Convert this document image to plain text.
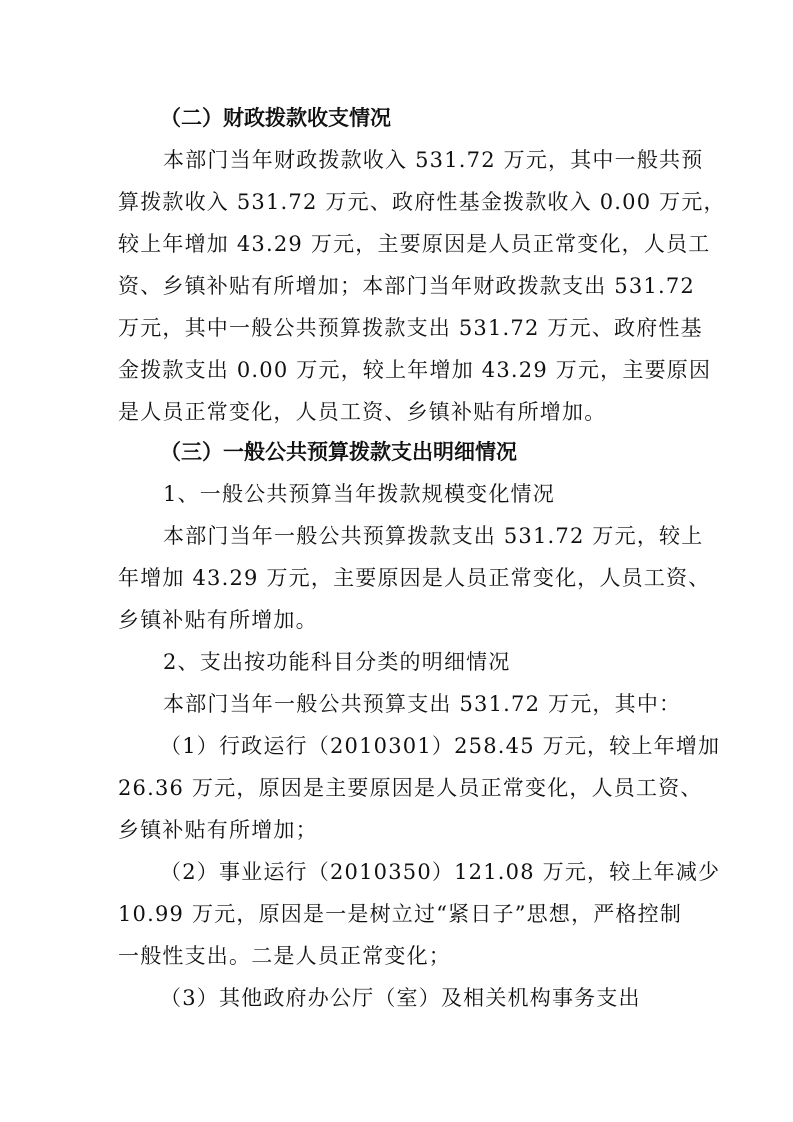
（二）财政拨款收支情况
本部门当年财政拨款收入 531.72 万元，其中一般共预
算拨款收入 531.72 万元、政府性基金拨款收入 0.00 万元，
较上年增加 43.29 万元，主要原因是人员正常变化，人员工
资、乡镇补贴有所增加；本部门当年财政拨款支出 531.72
万元，其中一般公共预算拨款支出 531.72 万元、政府性基
金拨款支出 0.00 万元，较上年增加 43.29 万元，主要原因
是人员正常变化，人员工资、乡镇补贴有所增加。
（三）一般公共预算拨款支出明细情况
1、一般公共预算当年拨款规模变化情况
本部门当年一般公共预算拨款支出 531.72 万元，较上
年增加 43.29 万元，主要原因是人员正常变化，人员工资、
乡镇补贴有所增加。
2、支出按功能科目分类的明细情况
本部门当年一般公共预算支出 531.72 万元，其中：
（1）行政运行（2010301）258.45 万元，较上年增加
26.36 万元，原因是主要原因是人员正常变化，人员工资、
乡镇补贴有所增加；
（2）事业运行（2010350）121.08 万元，较上年减少
10.99 万元，原因是一是树立过“紧日子”思想，严格控制
一般性支出。二是人员正常变化；
（3）其他政府办公厅（室）及相关机构事务支出
